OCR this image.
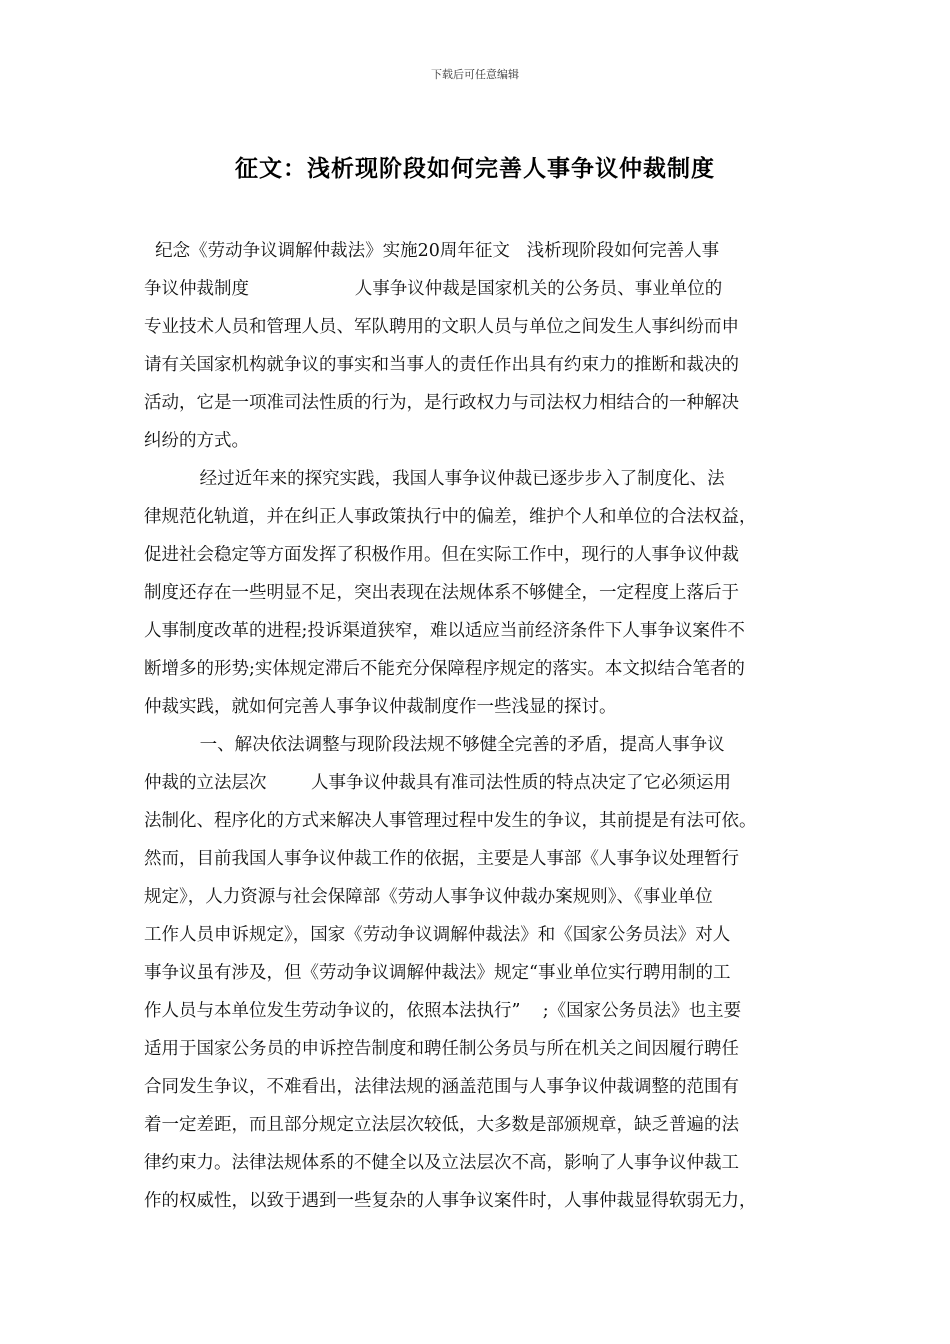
下载后可任意编辑
征文：浅析现阶段如何完善人事争议仲裁制度
纪念《劳动争议调解仲裁法》实施20周年征文   浅析现阶段如何完善人事
争议仲裁制度                   人事争议仲裁是国家机关的公务员、事业单位的
专业技术人员和管理人员、军队聘用的文职人员与单位之间发生人事纠纷而申
请有关国家机构就争议的事实和当事人的责任作出具有约束力的推断和裁决的
活动，它是一项准司法性质的行为，是行政权力与司法权力相结合的一种解决
纠纷的方式。
经过近年来的探究实践，我国人事争议仲裁已逐步步入了制度化、法
律规范化轨道，并在纠正人事政策执行中的偏差，维护个人和单位的合法权益，
促进社会稳定等方面发挥了积极作用。但在实际工作中，现行的人事争议仲裁
制度还存在一些明显不足，突出表现在法规体系不够健全，一定程度上落后于
人事制度改革的进程;投诉渠道狭窄，难以适应当前经济条件下人事争议案件不
断增多的形势;实体规定滞后不能充分保障程序规定的落实。本文拟结合笔者的
仲裁实践，就如何完善人事争议仲裁制度作一些浅显的探讨。
一、解决依法调整与现阶段法规不够健全完善的矛盾，提高人事争议
仲裁的立法层次        人事争议仲裁具有准司法性质的特点决定了它必须运用
法制化、程序化的方式来解决人事管理过程中发生的争议，其前提是有法可依。
然而，目前我国人事争议仲裁工作的依据，主要是人事部《人事争议处理暂行
规定》，人力资源与社会保障部《劳动人事争议仲裁办案规则》、《事业单位
工作人员申诉规定》，国家《劳动争议调解仲裁法》和《国家公务员法》对人
事争议虽有涉及，但《劳动争议调解仲裁法》规定“事业单位实行聘用制的工
作人员与本单位发生劳动争议的，依照本法执行”    ;《国家公务员法》也主要
适用于国家公务员的申诉控告制度和聘任制公务员与所在机关之间因履行聘任
合同发生争议，不难看出，法律法规的涵盖范围与人事争议仲裁调整的范围有
着一定差距，而且部分规定立法层次较低，大多数是部颁规章，缺乏普遍的法
律约束力。法律法规体系的不健全以及立法层次不高，影响了人事争议仲裁工
作的权威性，以致于遇到一些复杂的人事争议案件时，人事仲裁显得软弱无力，
